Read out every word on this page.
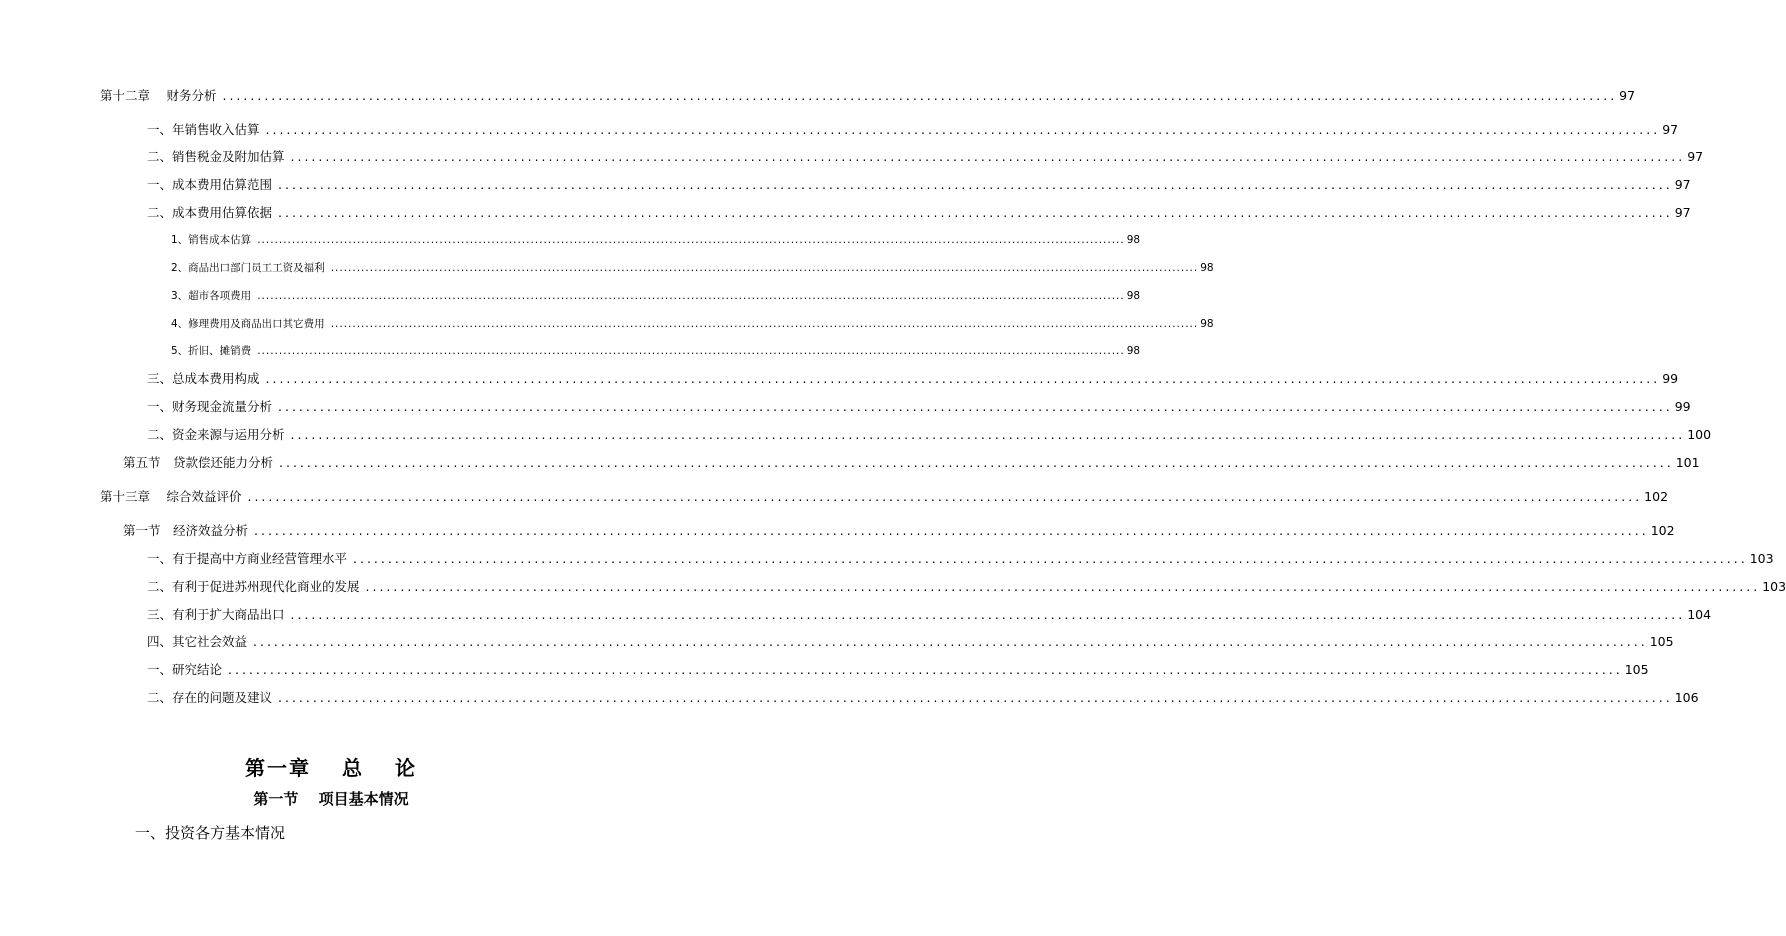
第十二章　 财务分析 ........................................................................................................................................................................................................ 97
一、年销售收入估算 ........................................................................................................................................................................................................ 97
二、销售税金及附加估算 ........................................................................................................................................................................................................ 97
一、成本费用估算范围 ........................................................................................................................................................................................................ 97
二、成本费用估算依据 ........................................................................................................................................................................................................ 97
1、销售成本估算 ........................................................................................................................................................................................................ 98
2、商品出口部门员工工资及福利 ........................................................................................................................................................................................................ 98
3、超市各项费用 ........................................................................................................................................................................................................ 98
4、修理费用及商品出口其它费用 ........................................................................................................................................................................................................ 98
5、折旧、摊销费 ........................................................................................................................................................................................................ 98
三、总成本费用构成 ........................................................................................................................................................................................................ 99
一、财务现金流量分析 ........................................................................................................................................................................................................ 99
二、资金来源与运用分析 ........................................................................................................................................................................................................ 100
第五节　贷款偿还能力分析 ........................................................................................................................................................................................................ 101
第十三章　 综合效益评价 ........................................................................................................................................................................................................ 102
第一节　经济效益分析 ........................................................................................................................................................................................................ 102
一、有于提高中方商业经营管理水平 ........................................................................................................................................................................................................ 103
二、有利于促进苏州现代化商业的发展 ........................................................................................................................................................................................................ 103
三、有利于扩大商品出口 ........................................................................................................................................................................................................ 104
四、其它社会效益 ........................................................................................................................................................................................................ 105
一、研究结论 ........................................................................................................................................................................................................ 105
二、存在的问题及建议 ........................................................................................................................................................................................................ 106
第一章　 总　 论
第一节　 项目基本情况
一、投资各方基本情况
